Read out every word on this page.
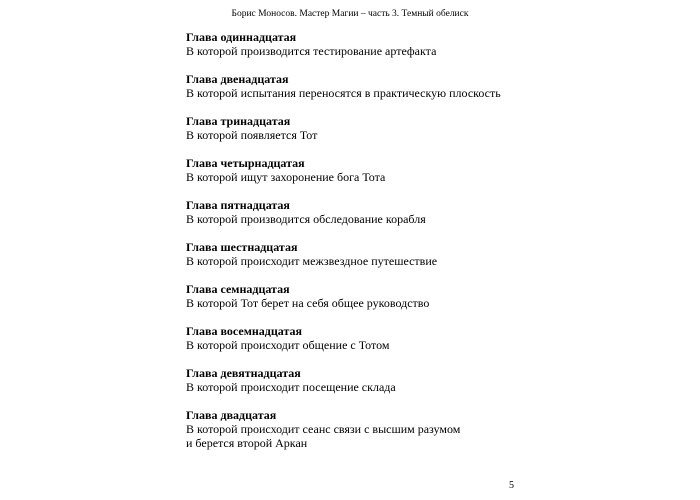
Борис Моносов. Мастер Магии – часть 3. Темный обелиск
Глава одиннадцатая
В которой производится тестирование артефакта
Глава двенадцатая
В которой испытания переносятся в практическую плоскость
Глава тринадцатая
В которой появляется Тот
Глава четырнадцатая
В которой ищут захоронение бога Тота
Глава пятнадцатая
В которой производится обследование корабля
Глава шестнадцатая
В которой происходит межзвездное путешествие
Глава семнадцатая
В которой Тот берет на себя общее руководство
Глава восемнадцатая
В которой происходит общение с Тотом
Глава девятнадцатая
В которой происходит посещение склада
Глава двадцатая
В которой происходит сеанс связи с высшим разумом
и берется второй Аркан
5
